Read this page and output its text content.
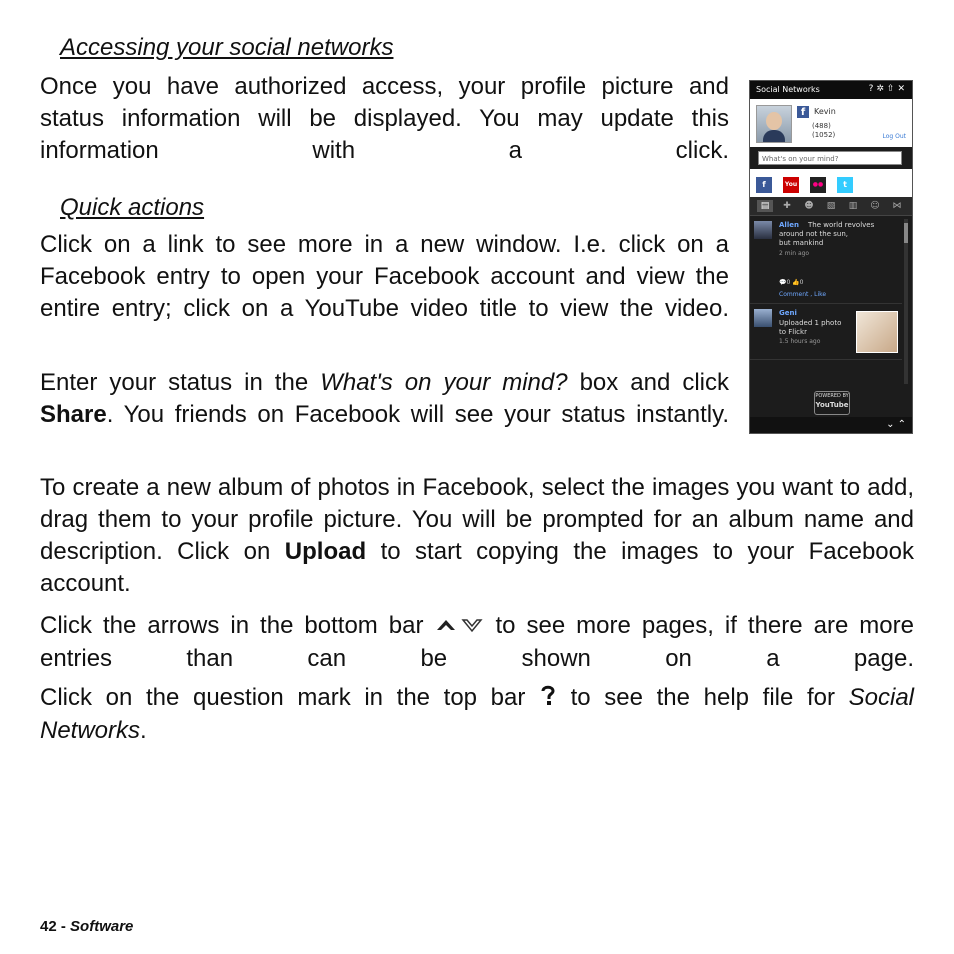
Accessing your social networks

Once you have authorized access, your profile picture and status information will be displayed. You may update this information with a click.

Quick actions

Click on a link to see more in a new window. I.e. click on a Facebook entry to open your Facebook account and view the entire entry; click on a YouTube video title to view the video.

Enter your status in the What's on your mind? box and click Share. You friends on Facebook will see your status instantly.

To create a new album of photos in Facebook, select the images you want to add, drag them to your profile picture. You will be prompted for an album name and description. Click on Upload to start copying the images to your Facebook account.

Click the arrows in the bottom bar  to see more pages, if there are more entries than can be shown on a page.

Click on the question mark in the top bar  to see the help file for Social Networks.

Social Networks	?✲⇧✕
f	Kevin
(488)
(1052)	Log Out
What's on your mind?
f	You	●●	t
▤	✚	☻	▧	▥	☺	⋈
Allen The world revolves
around not the sun,
but mankind
2 min ago
💬0 👍0
Comment , Like
Geni
Uploaded 1 photo
to Flickr
1.5 hours ago
POWERED BY
YouTube
⌄ ⌃
42 - Software
